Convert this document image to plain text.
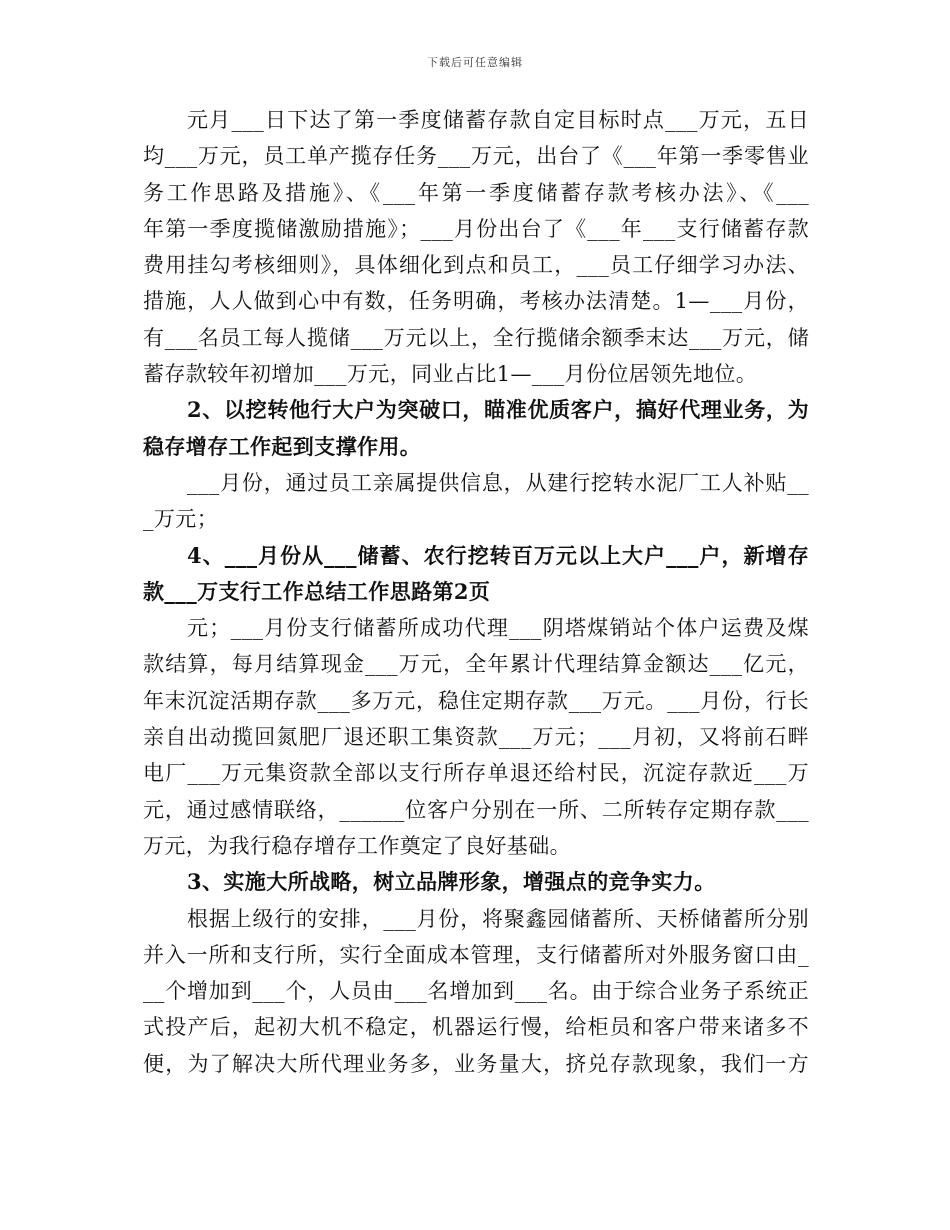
下载后可任意编辑
元月___日下达了第一季度储蓄存款自定目标时点___万元，五日
均___万元，员工单产揽存任务___万元，出台了《___年第一季零售业
务工作思路及措施》、《___年第一季度储蓄存款考核办法》、《___
年第一季度揽储激励措施》；___月份出台了《___年___支行储蓄存款
费用挂勾考核细则》，具体细化到点和员工，___员工仔细学习办法、
措施，人人做到心中有数，任务明确，考核办法清楚。1—___月份，
有___名员工每人揽储___万元以上，全行揽储余额季末达___万元，储
蓄存款较年初增加___万元，同业占比1—___月份位居领先地位。
2、以挖转他行大户为突破口，瞄准优质客户，搞好代理业务，为
稳存增存工作起到支撑作用。
___月份，通过员工亲属提供信息，从建行挖转水泥厂工人补贴__
_万元；
4、___月份从___储蓄、农行挖转百万元以上大户___户，新增存
款___万支行工作总结工作思路第2页
元；___月份支行储蓄所成功代理___阴塔煤销站个体户运费及煤
款结算，每月结算现金___万元，全年累计代理结算金额达___亿元，
年末沉淀活期存款___多万元，稳住定期存款___万元。___月份，行长
亲自出动揽回氮肥厂退还职工集资款___万元；___月初，又将前石畔
电厂___万元集资款全部以支行所存单退还给村民，沉淀存款近___万
元，通过感情联络，______位客户分别在一所、二所转存定期存款___
万元，为我行稳存增存工作奠定了良好基础。
3、实施大所战略，树立品牌形象，增强点的竞争实力。
根据上级行的安排，___月份，将聚鑫园储蓄所、天桥储蓄所分别
并入一所和支行所，实行全面成本管理，支行储蓄所对外服务窗口由_
__个增加到___个，人员由___名增加到___名。由于综合业务子系统正
式投产后，起初大机不稳定，机器运行慢，给柜员和客户带来诸多不
便，为了解决大所代理业务多，业务量大，挤兑存款现象，我们一方
